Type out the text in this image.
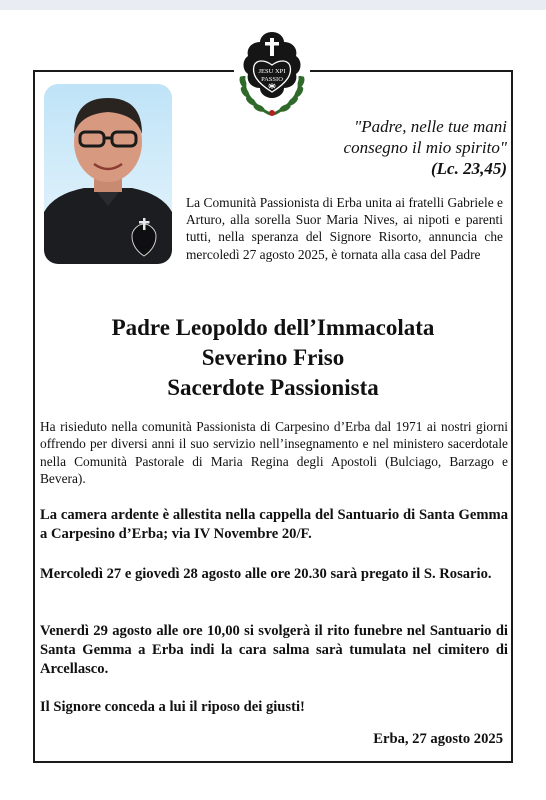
JESU XPI
PASSIO
"Padre, nelle tue mani
consegno il mio spirito"
(Lc. 23,45)
La Comunità Passionista di Erba unita ai fratelli Gabriele e Arturo, alla sorella Suor Maria Nives, ai nipoti e parenti tutti, nella speranza del Signore Risorto, annuncia che mercoledì 27 agosto 2025, è tornata alla casa del Padre
Padre Leopoldo dell’Immacolata
Severino Friso
Sacerdote Passionista
Ha risieduto nella comunità Passionista di Carpesino d’Erba dal 1971 ai nostri giorni offrendo per diversi anni il suo servizio nell’insegnamento e nel ministero sacerdotale nella Comunità Pastorale di Maria Regina degli Apostoli (Bulciago, Barzago e Bevera).
La camera ardente è allestita nella cappella del Santuario di Santa Gemma a Carpesino d’Erba; via IV Novembre 20/F.
Mercoledì 27 e giovedì 28 agosto alle ore 20.30 sarà pregato il S. Rosario.
Venerdì 29 agosto alle ore 10,00 si svolgerà il rito funebre nel Santuario di Santa Gemma a Erba indi la cara salma sarà tumulata nel cimitero di Arcellasco.
Il Signore conceda a lui il riposo dei giusti!
Erba, 27 agosto 2025
